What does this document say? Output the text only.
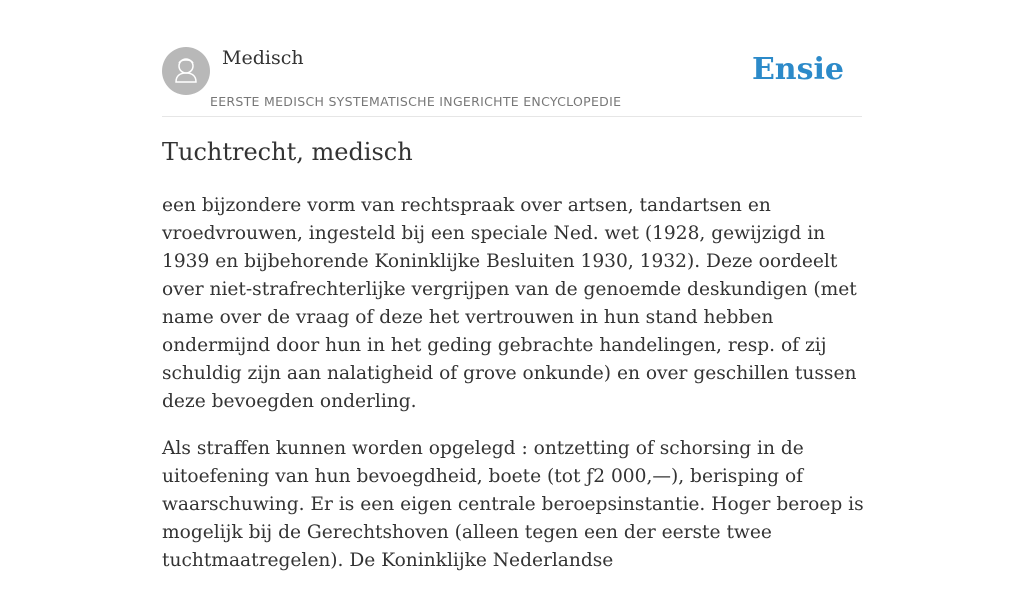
Medisch
EERSTE MEDISCH SYSTEMATISCHE INGERICHTE ENCYCLOPEDIE
Ensie
Tuchtrecht, medisch

een bijzondere vorm van rechtspraak over artsen, tandartsen en vroedvrouwen, ingesteld bij een speciale Ned. wet (1928, gewijzigd in 1939 en bijbehorende Koninklijke Besluiten 1930, 1932). Deze oordeelt over niet-strafrechterlijke vergrijpen van de genoemde deskundigen (met name over de vraag of deze het vertrouwen in hun stand hebben ondermijnd door hun in het geding gebrachte handelingen, resp. of zij schuldig zijn aan nalatigheid of grove onkunde) en over geschillen tussen deze bevoegden onderling.

Als straffen kunnen worden opgelegd : ontzetting of schorsing in de uitoefening van hun bevoegdheid, boete (tot ƒ2 000,—), berisping of waarschuwing. Er is een eigen centrale beroepsinstantie. Hoger beroep is mogelijk bij de Gerechtshoven (alleen tegen een der eerste twee tuchtmaatregelen). De Koninklijke Nederlandse
